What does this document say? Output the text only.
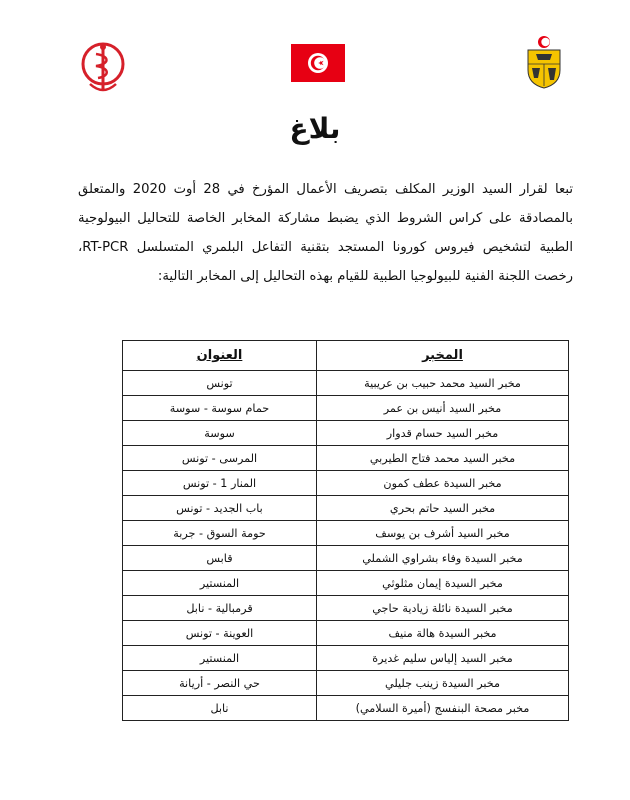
بلاغ

تبعا لقرار السيد الوزير المكلف بتصريف الأعمال المؤرخ في 28 أوت 2020 والمتعلق بالمصادقة على كراس الشروط الذي يضبط مشاركة المخابر الخاصة للتحاليل البيولوجية الطبية لتشخيص فيروس كورونا المستجد بتقنية التفاعل البلمري المتسلسل RT-PCR، رخصت اللجنة الفنية للبيولوجيا الطبية للقيام بهذه التحاليل إلى المخابر التالية:

المخبر	العنوان
مخبر السيد محمد حبيب بن عريبية	تونس
مخبر السيد أنيس بن عمر	حمام سوسة - سوسة
مخبر السيد حسام قدوار	سوسة
مخبر السيد محمد فتاح الطيربي	المرسى - تونس
مخبر السيدة عطف كمون	المنار 1 - تونس
مخبر السيد حاتم بحري	باب الجديد - تونس
مخبر السيد أشرف بن يوسف	حومة السوق - جربة
مخبر السيدة وفاء بشراوي الشملي	قابس
مخبر السيدة إيمان مثلوثي	المنستير
مخبر السيدة نائلة زيادية حاجي	قرمبالية - نابل
مخبر السيدة هالة منيف	العوينة - تونس
مخبر السيد إلياس سليم غديرة	المنستير
مخبر السيدة زينب جليلي	حي النصر - أريانة
مخبر مصحة البنفسج (أميرة السلامي)	نابل
